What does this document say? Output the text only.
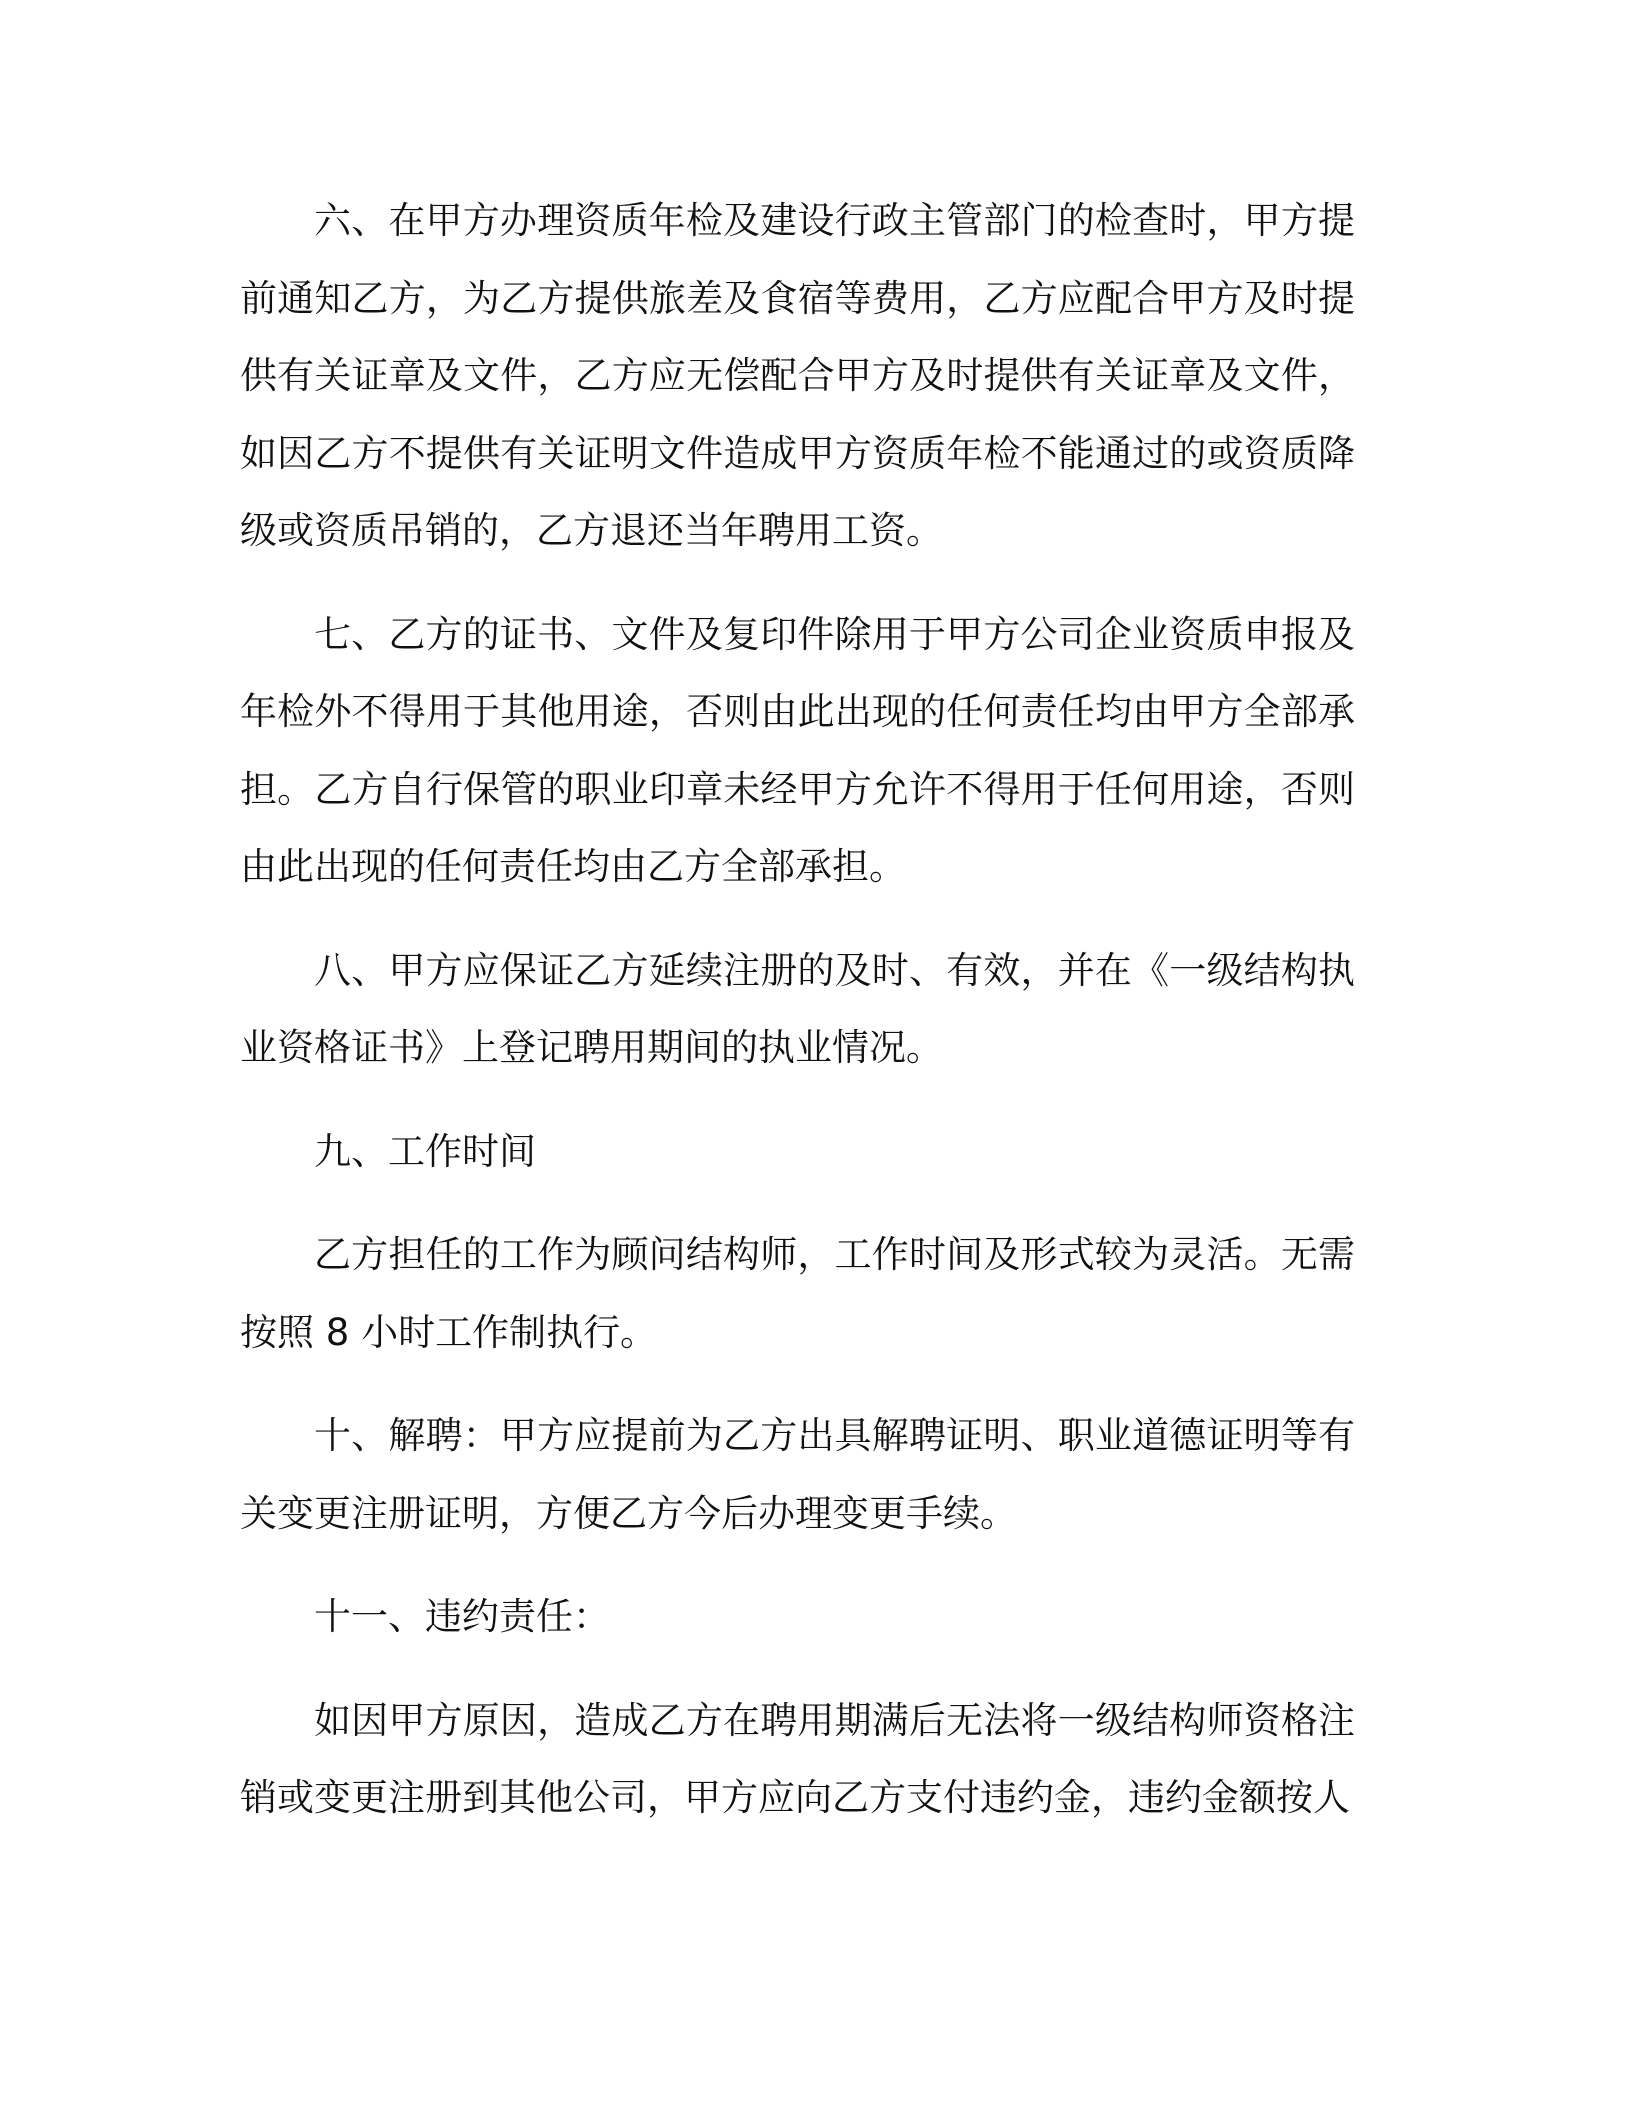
六、在甲方办理资质年检及建设行政主管部门的检查时，甲方提前通知乙方，为乙方提供旅差及食宿等费用，乙方应配合甲方及时提供有关证章及文件，乙方应无偿配合甲方及时提供有关证章及文件，如因乙方不提供有关证明文件造成甲方资质年检不能通过的或资质降级或资质吊销的，乙方退还当年聘用工资。

七、乙方的证书、文件及复印件除用于甲方公司企业资质申报及年检外不得用于其他用途，否则由此出现的任何责任均由甲方全部承担。乙方自行保管的职业印章未经甲方允许不得用于任何用途，否则由此出现的任何责任均由乙方全部承担。

八、甲方应保证乙方延续注册的及时、有效，并在《一级结构执业资格证书》上登记聘用期间的执业情况。

九、工作时间

乙方担任的工作为顾问结构师，工作时间及形式较为灵活。无需按照 8 小时工作制执行。

十、解聘：甲方应提前为乙方出具解聘证明、职业道德证明等有关变更注册证明，方便乙方今后办理变更手续。

十一、违约责任：

如因甲方原因，造成乙方在聘用期满后无法将一级结构师资格注销或变更注册到其他公司，甲方应向乙方支付违约金，违约金额按人
